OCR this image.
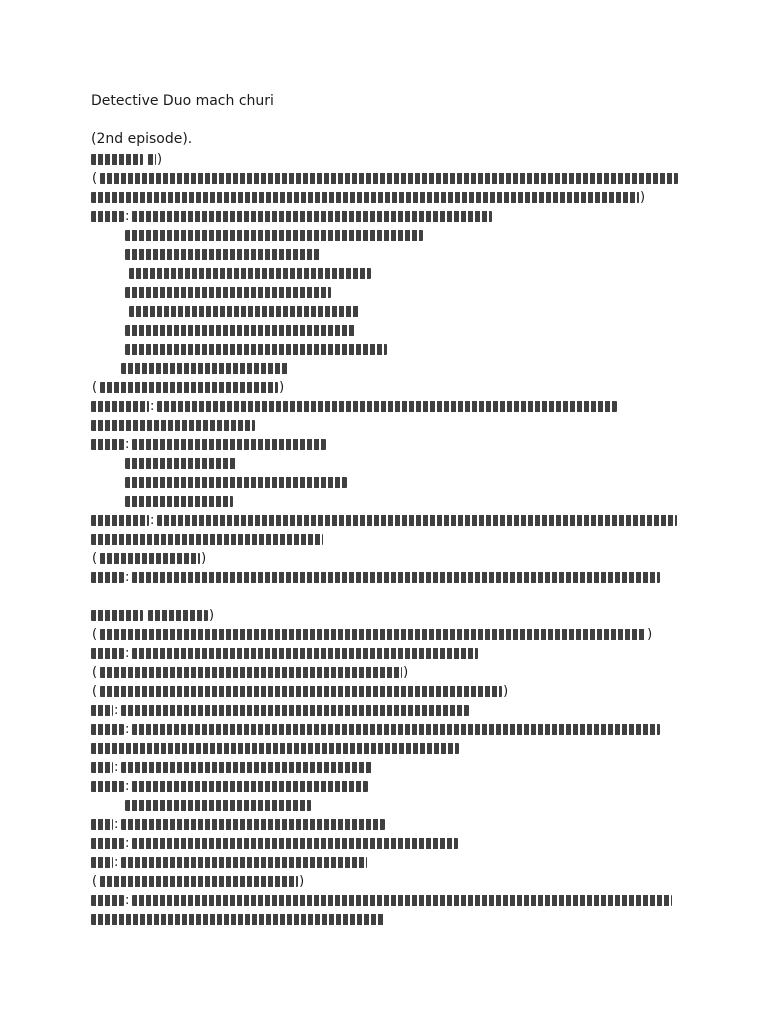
Detective Duo mach churi
(2nd episode).
)
(
)
:
(	)
:
:
:
(	)
:
)
(	)
:
(	)
(	)
:
:
:
:
:
:
:
(	)
:
